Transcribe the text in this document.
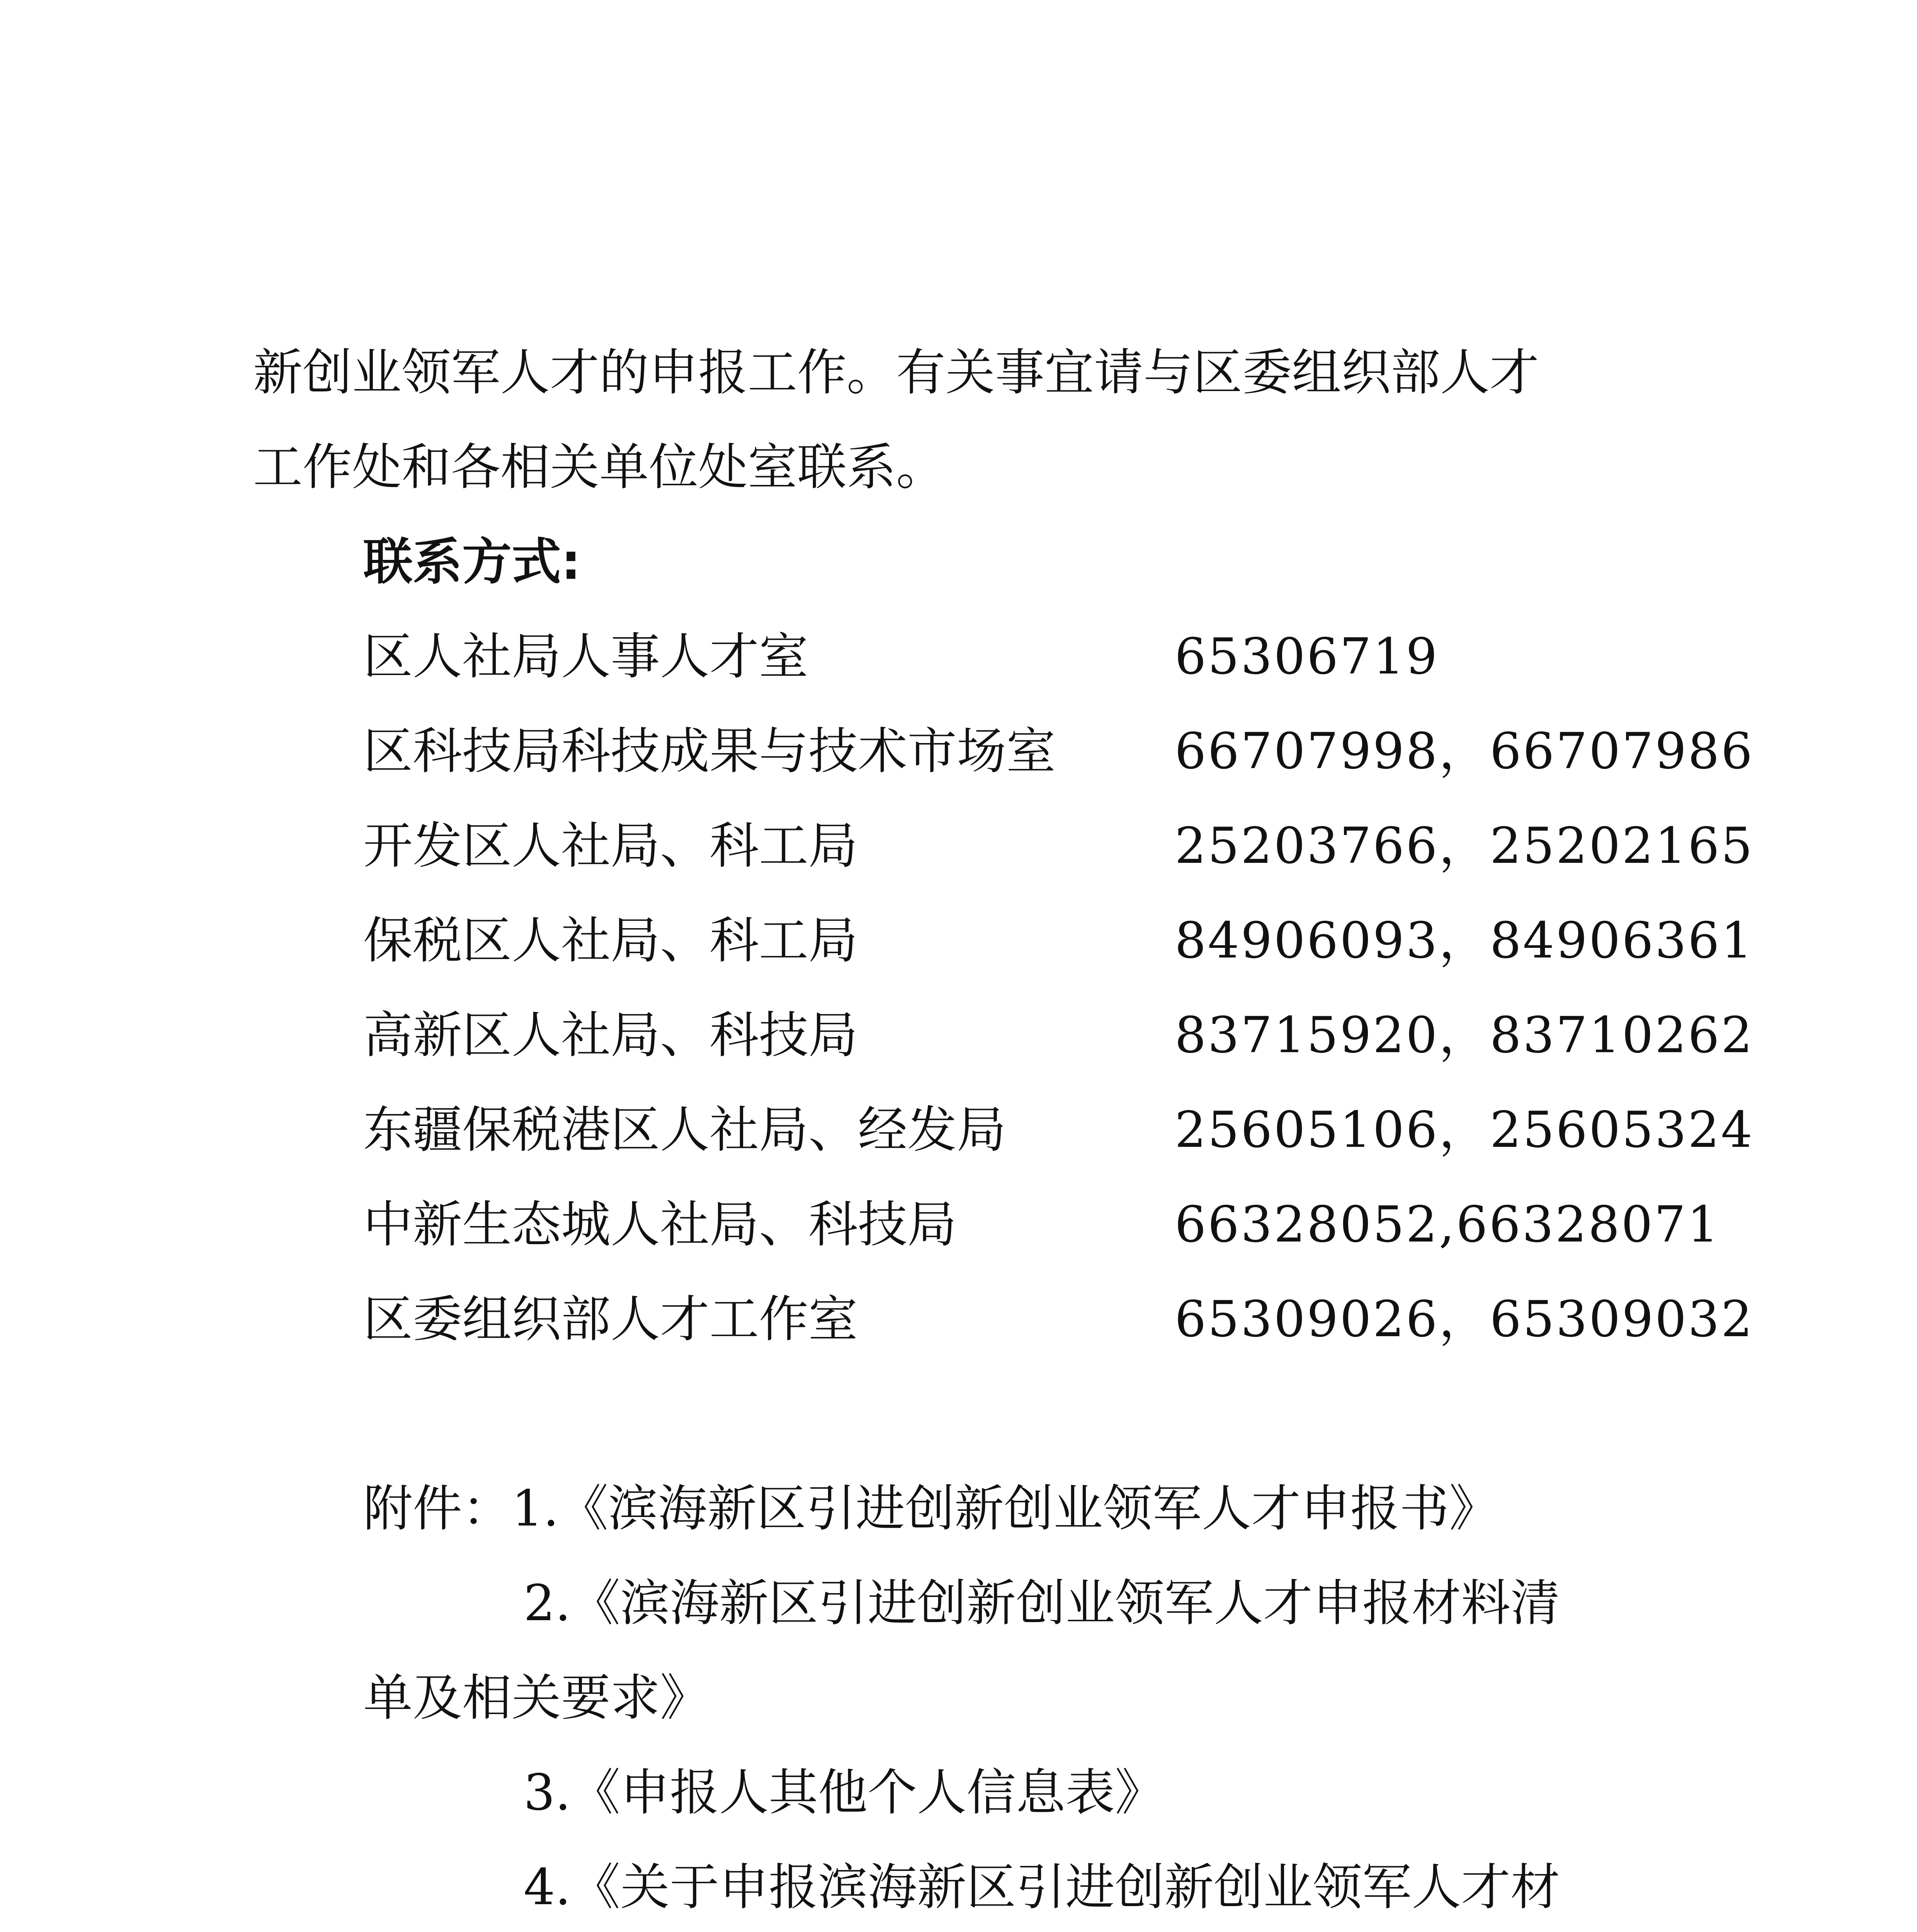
新创业领军人才的申报工作。有关事宜请与区委组织部人才
工作处和各相关单位处室联系。
联系方式:
区人社局人事人才室	65306719
区科技局科技成果与技术市场室 66707998，66707986
开发区人社局、科工局	25203766，25202165
保税区人社局、科工局	84906093，84906361
高新区人社局、科技局	83715920，83710262
东疆保税港区人社局、经发局	25605106，25605324
中新生态城人社局、科技局	66328052,66328071
区委组织部人才工作室	65309026，65309032
附件：1.《滨海新区引进创新创业领军人才申报书》
2.《滨海新区引进创新创业领军人才申报材料清
单及相关要求》
3.《申报人其他个人信息表》
4.《关于申报滨海新区引进创新创业领军人才材
